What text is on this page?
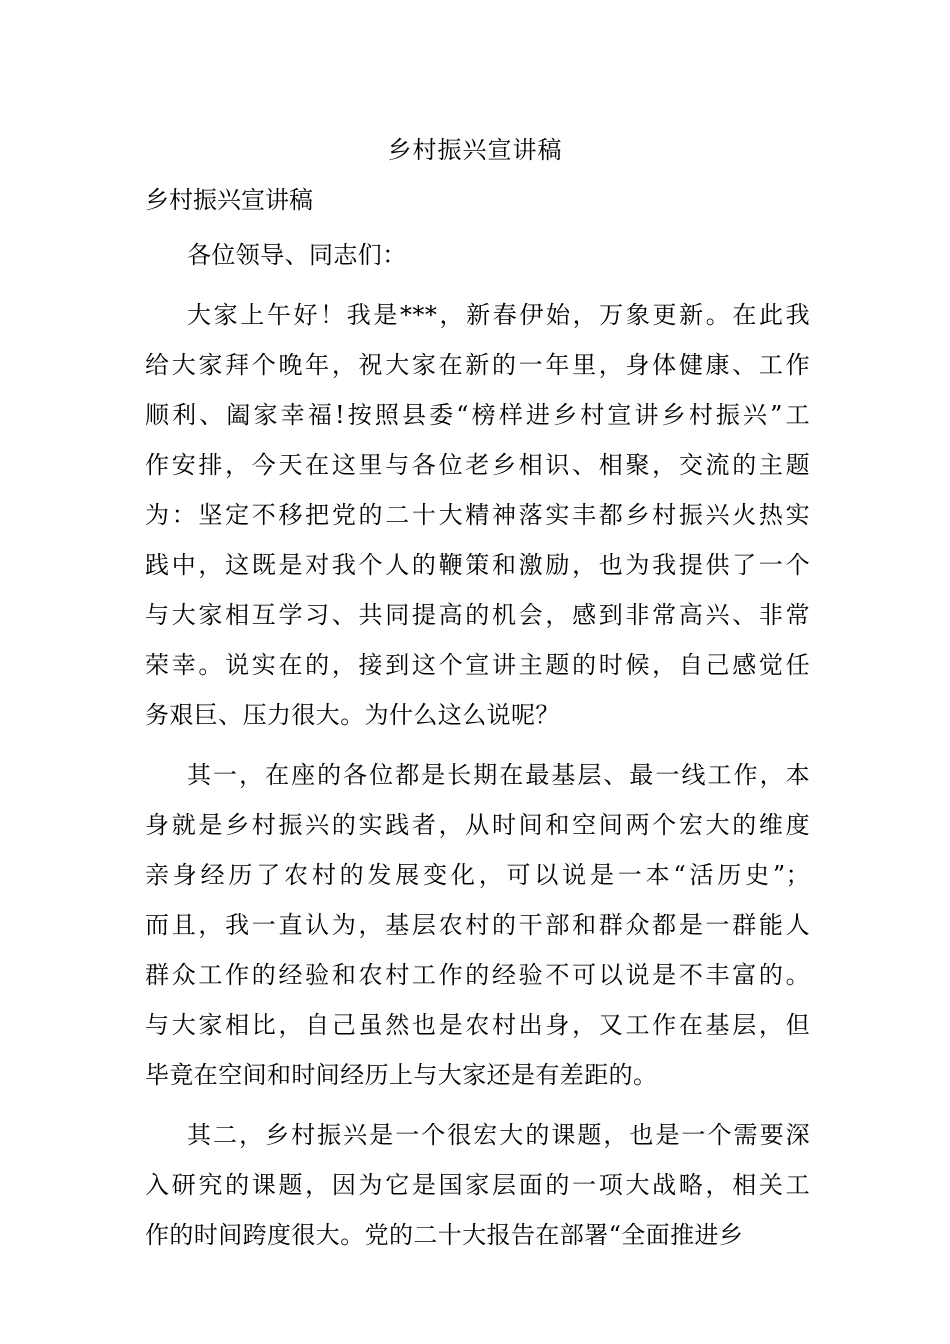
乡村振兴宣讲稿
乡村振兴宣讲稿
各位领导、同志们：
大家上午好！我是***，新春伊始，万象更新。在此我
给大家拜个晚年，祝大家在新的一年里，身体健康、工作
顺利、阖家幸福!按照县委“榜样进乡村宣讲乡村振兴”工
作安排，今天在这里与各位老乡相识、相聚，交流的主题
为：坚定不移把党的二十大精神落实丰都乡村振兴火热实
践中，这既是对我个人的鞭策和激励，也为我提供了一个
与大家相互学习、共同提高的机会，感到非常高兴、非常
荣幸。说实在的，接到这个宣讲主题的时候，自己感觉任
务艰巨、压力很大。为什么这么说呢？
其一，在座的各位都是长期在最基层、最一线工作，本
身就是乡村振兴的实践者，从时间和空间两个宏大的维度
亲身经历了农村的发展变化，可以说是一本“活历史”；
而且，我一直认为，基层农村的干部和群众都是一群能人
群众工作的经验和农村工作的经验不可以说是不丰富的。
与大家相比，自己虽然也是农村出身，又工作在基层，但
毕竟在空间和时间经历上与大家还是有差距的。
其二，乡村振兴是一个很宏大的课题，也是一个需要深
入研究的课题，因为它是国家层面的一项大战略，相关工
作的时间跨度很大。党的二十大报告在部署“全面推进乡
